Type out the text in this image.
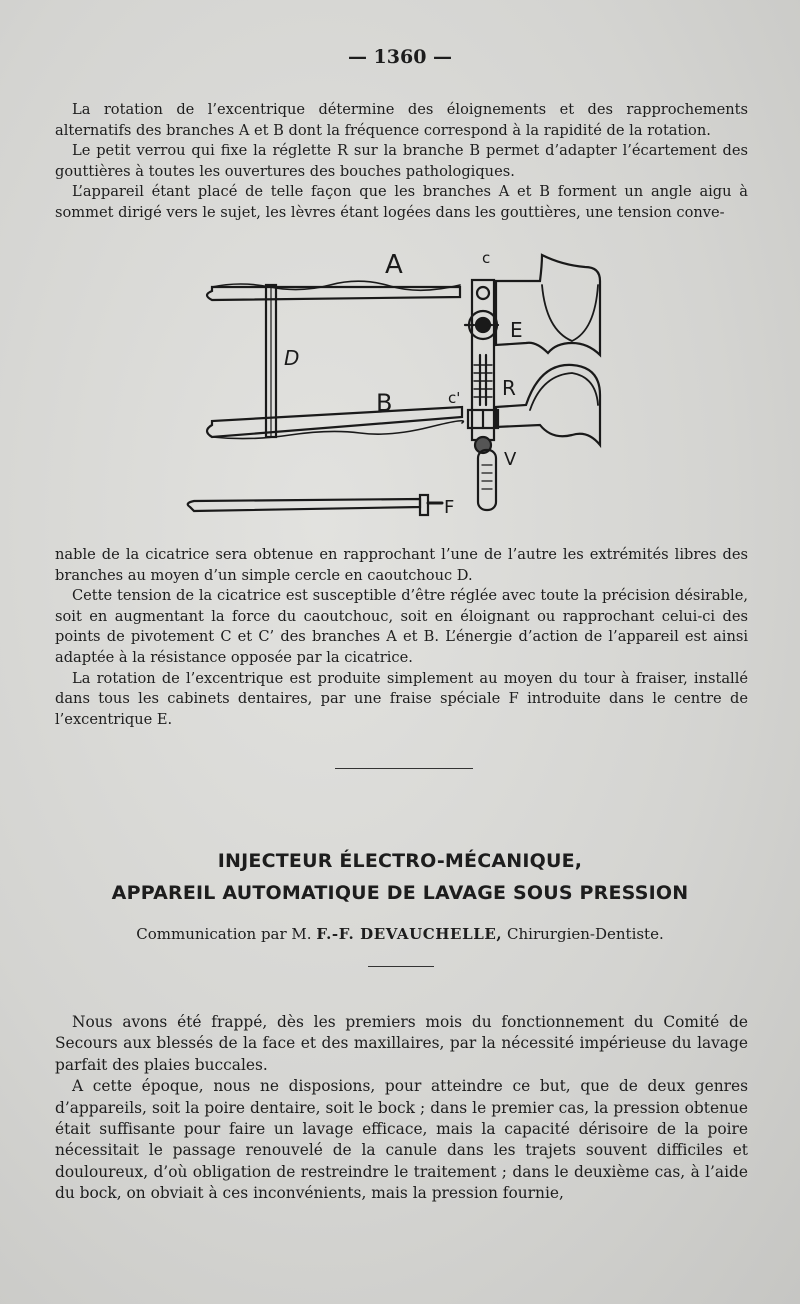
— 1360 —

La rotation de l’excentrique détermine des éloignements et des rapprochements alternatifs des branches A et B dont la fréquence correspond à la rapidité de la rotation.

Le petit verrou qui fixe la réglette R sur la branche B permet d’adapter l’écartement des gouttières à toutes les ouvertures des bouches pathologiques.

L’appareil étant placé de telle façon que les branches A et B forment un angle aigu à sommet dirigé vers le sujet, les lèvres étant logées dans les gouttières, une tension conve-

A	c
E
D
B	c' R
V
F

nable de la cicatrice sera obtenue en rapprochant l’une de l’autre les extrémités libres des branches au moyen d’un simple cercle en caoutchouc D.

Cette tension de la cicatrice est susceptible d’être réglée avec toute la précision désirable, soit en augmentant la force du caoutchouc, soit en éloignant ou rapprochant celui-ci des points de pivotement C et C’ des branches A et B. L’énergie d’action de l’appareil est ainsi adaptée à la résistance opposée par la cicatrice.

La rotation de l’excentrique est produite simplement au moyen du tour à fraiser, installé dans tous les cabinets dentaires, par une fraise spéciale F introduite dans le centre de l’excentrique E.

INJECTEUR ÉLECTRO-MÉCANIQUE,
APPAREIL AUTOMATIQUE DE LAVAGE SOUS PRESSION
Communication par M. F.-F. DEVAUCHELLE, Chirurgien-Dentiste.

Nous avons été frappé, dès les premiers mois du fonctionnement du Comité de Secours aux blessés de la face et des maxillaires, par la nécessité impérieuse du lavage parfait des plaies buccales.

A cette époque, nous ne disposions, pour atteindre ce but, que de deux genres d’appareils, soit la poire dentaire, soit le bock ; dans le premier cas, la pression obtenue était suffisante pour faire un lavage efficace, mais la capacité dérisoire de la poire nécessitait le passage renouvelé de la canule dans les trajets souvent difficiles et douloureux, d’où obligation de restreindre le traitement ; dans le deuxième cas, à l’aide du bock, on obviait à ces inconvénients, mais la pression fournie,
